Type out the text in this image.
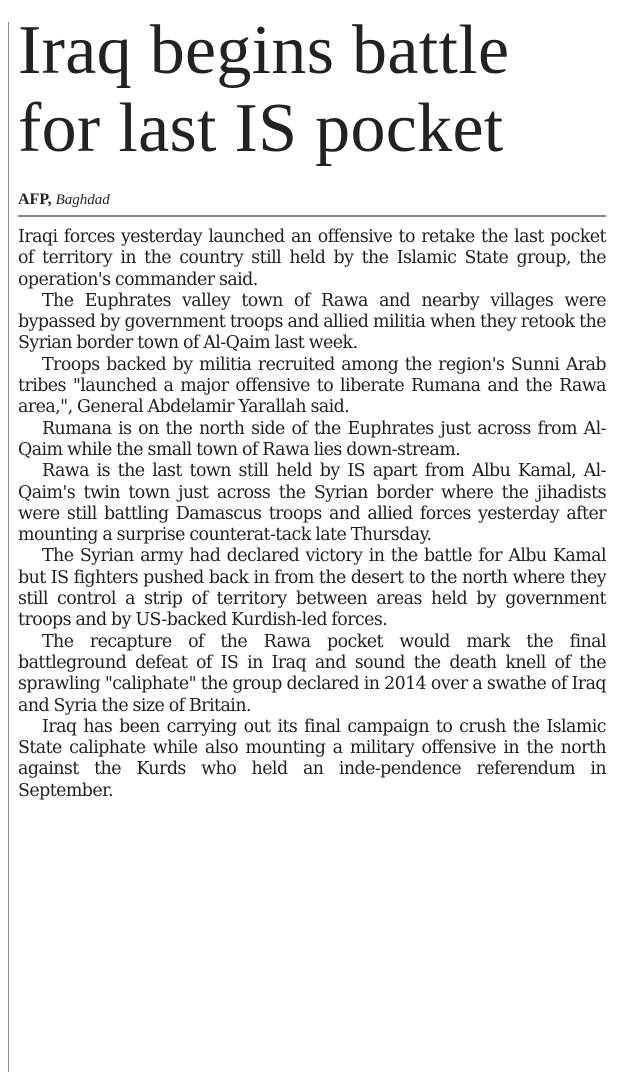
Iraq begins battle for last IS pocket
AFP, Baghdad

Iraqi forces yesterday launched an offensive to retake the last pocket of territory in the country still held by the Islamic State group, the operation's commander said.

The Euphrates valley town of Rawa and nearby villages were bypassed by government troops and allied militia when they retook the Syrian border town of Al-Qaim last week.

Troops backed by militia recruited among the region's Sunni Arab tribes "launched a major offensive to liberate Rumana and the Rawa area,", General Abdelamir Yarallah said.

Rumana is on the north side of the Euphrates just across from Al-Qaim while the small town of Rawa lies down-stream.

Rawa is the last town still held by IS apart from Albu Kamal, Al-Qaim's twin town just across the Syrian border where the jihadists were still battling Damascus troops and allied forces yesterday after mounting a surprise counterat-tack late Thursday.

The Syrian army had declared victory in the battle for Albu Kamal but IS fighters pushed back in from the desert to the north where they still control a strip of territory between areas held by government troops and by US-backed Kurdish-led forces.

The recapture of the Rawa pocket would mark the final battleground defeat of IS in Iraq and sound the death knell of the sprawling "caliphate" the group declared in 2014 over a swathe of Iraq and Syria the size of Britain.

Iraq has been carrying out its final campaign to crush the Islamic State caliphate while also mounting a military offensive in the north against the Kurds who held an inde-pendence referendum in September.
